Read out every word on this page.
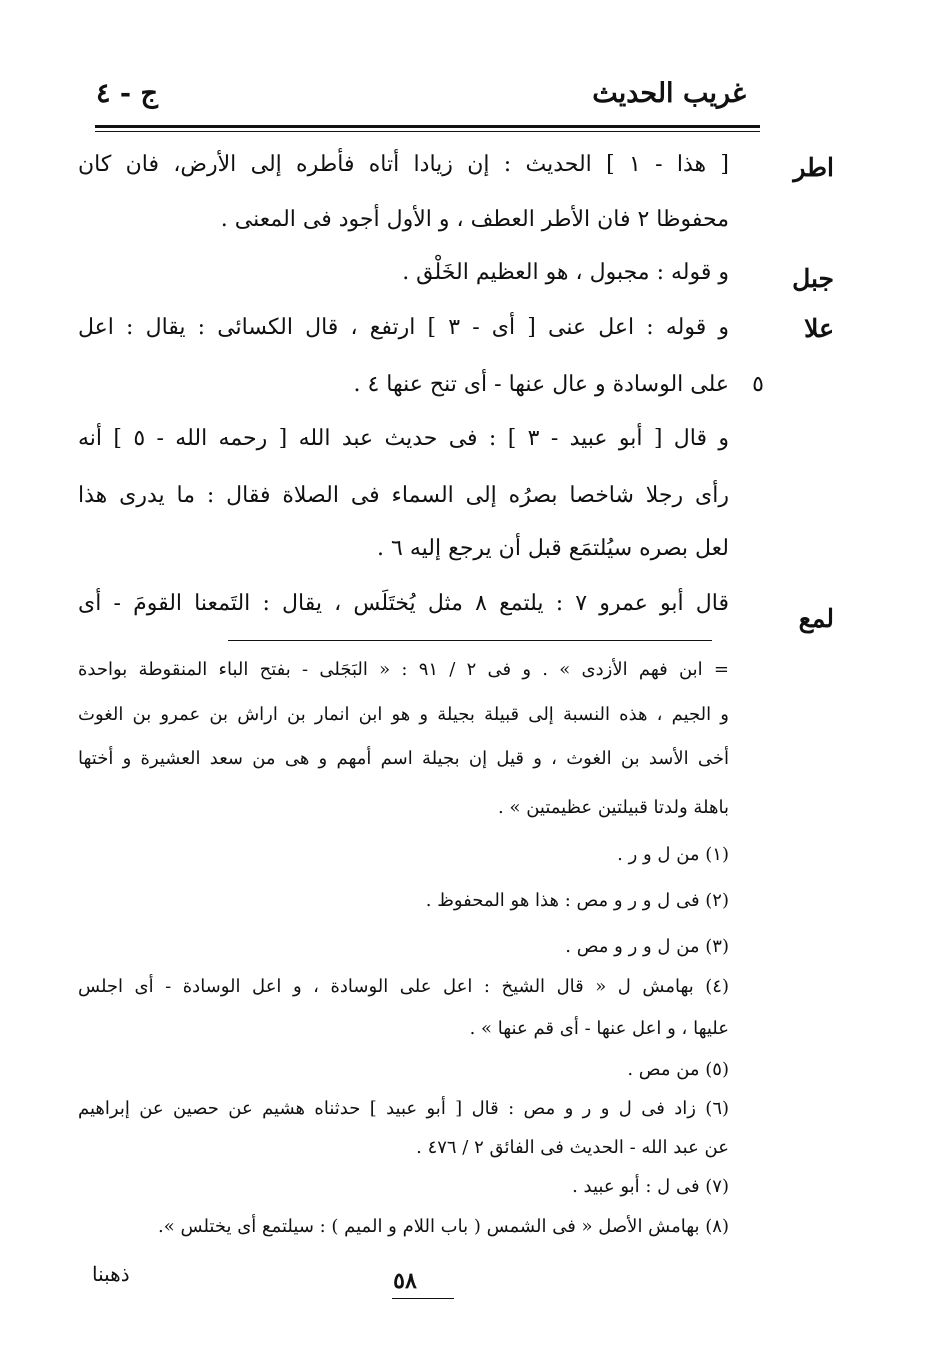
غريب الحديث
ج - ٤
اطر
جبل
علا
لمع
٥
[ هذا - ١ ] الحديث : إن زيادا أتاه فأطره إلى الأرض، فان كان
محفوظا ٢ فان الأطر العطف ، و الأول أجود فى المعنى .
و قوله : مجبول ، هو العظيم الخَلْق .
و قوله : اعل عنى [ أى - ٣ ] ارتفع ، قال الكسائى : يقال : اعل
على الوسادة و عال عنها - أى تنح عنها ٤ .
و قال [ أبو عبيد - ٣ ] : فى حديث عبد الله [ رحمه الله - ٥ ] أنه
رأى رجلا شاخصا بصرُه إلى السماء فى الصلاة فقال : ما يدرى هذا
لعل بصره سيُلتمَع قبل أن يرجع إليه ٦ .
قال أبو عمرو ٧ : يلتمع ٨ مثل يُختَلَس ، يقال : التَمعنا القومَ - أى
= ابن فهم الأزدى » . و فى ٢ / ٩١ : « البَجَلى - بفتح الباء المنقوطة بواحدة
و الجيم ، هذه النسبة إلى قبيلة بجيلة و هو ابن انمار بن اراش بن عمرو بن الغوث
أخى الأسد بن الغوث ، و قيل إن بجيلة اسم أمهم و هى من سعد العشيرة و أختها
باهلة ولدتا قبيلتين عظيمتين » .
(١) من ل و ر .
(٢) فى ل و ر و مص : هذا هو المحفوظ .
(٣) من ل و ر و مص .
(٤) بهامش ل « قال الشيخ : اعل على الوسادة ، و اعل الوسادة - أى اجلس
عليها ، و اعل عنها - أى قم عنها » .
(٥) من مص .
(٦) زاد فى ل و ر و مص : قال [ أبو عبيد ] حدثناه هشيم عن حصين عن إبراهيم
عن عبد الله - الحديث فى الفائق ٢ / ٤٧٦ .
(٧) فى ل : أبو عبيد .
(٨) بهامش الأصل « فى الشمس ( باب اللام و الميم ) : سيلتمع أى يختلس ».
٥٨
ذهبنا
